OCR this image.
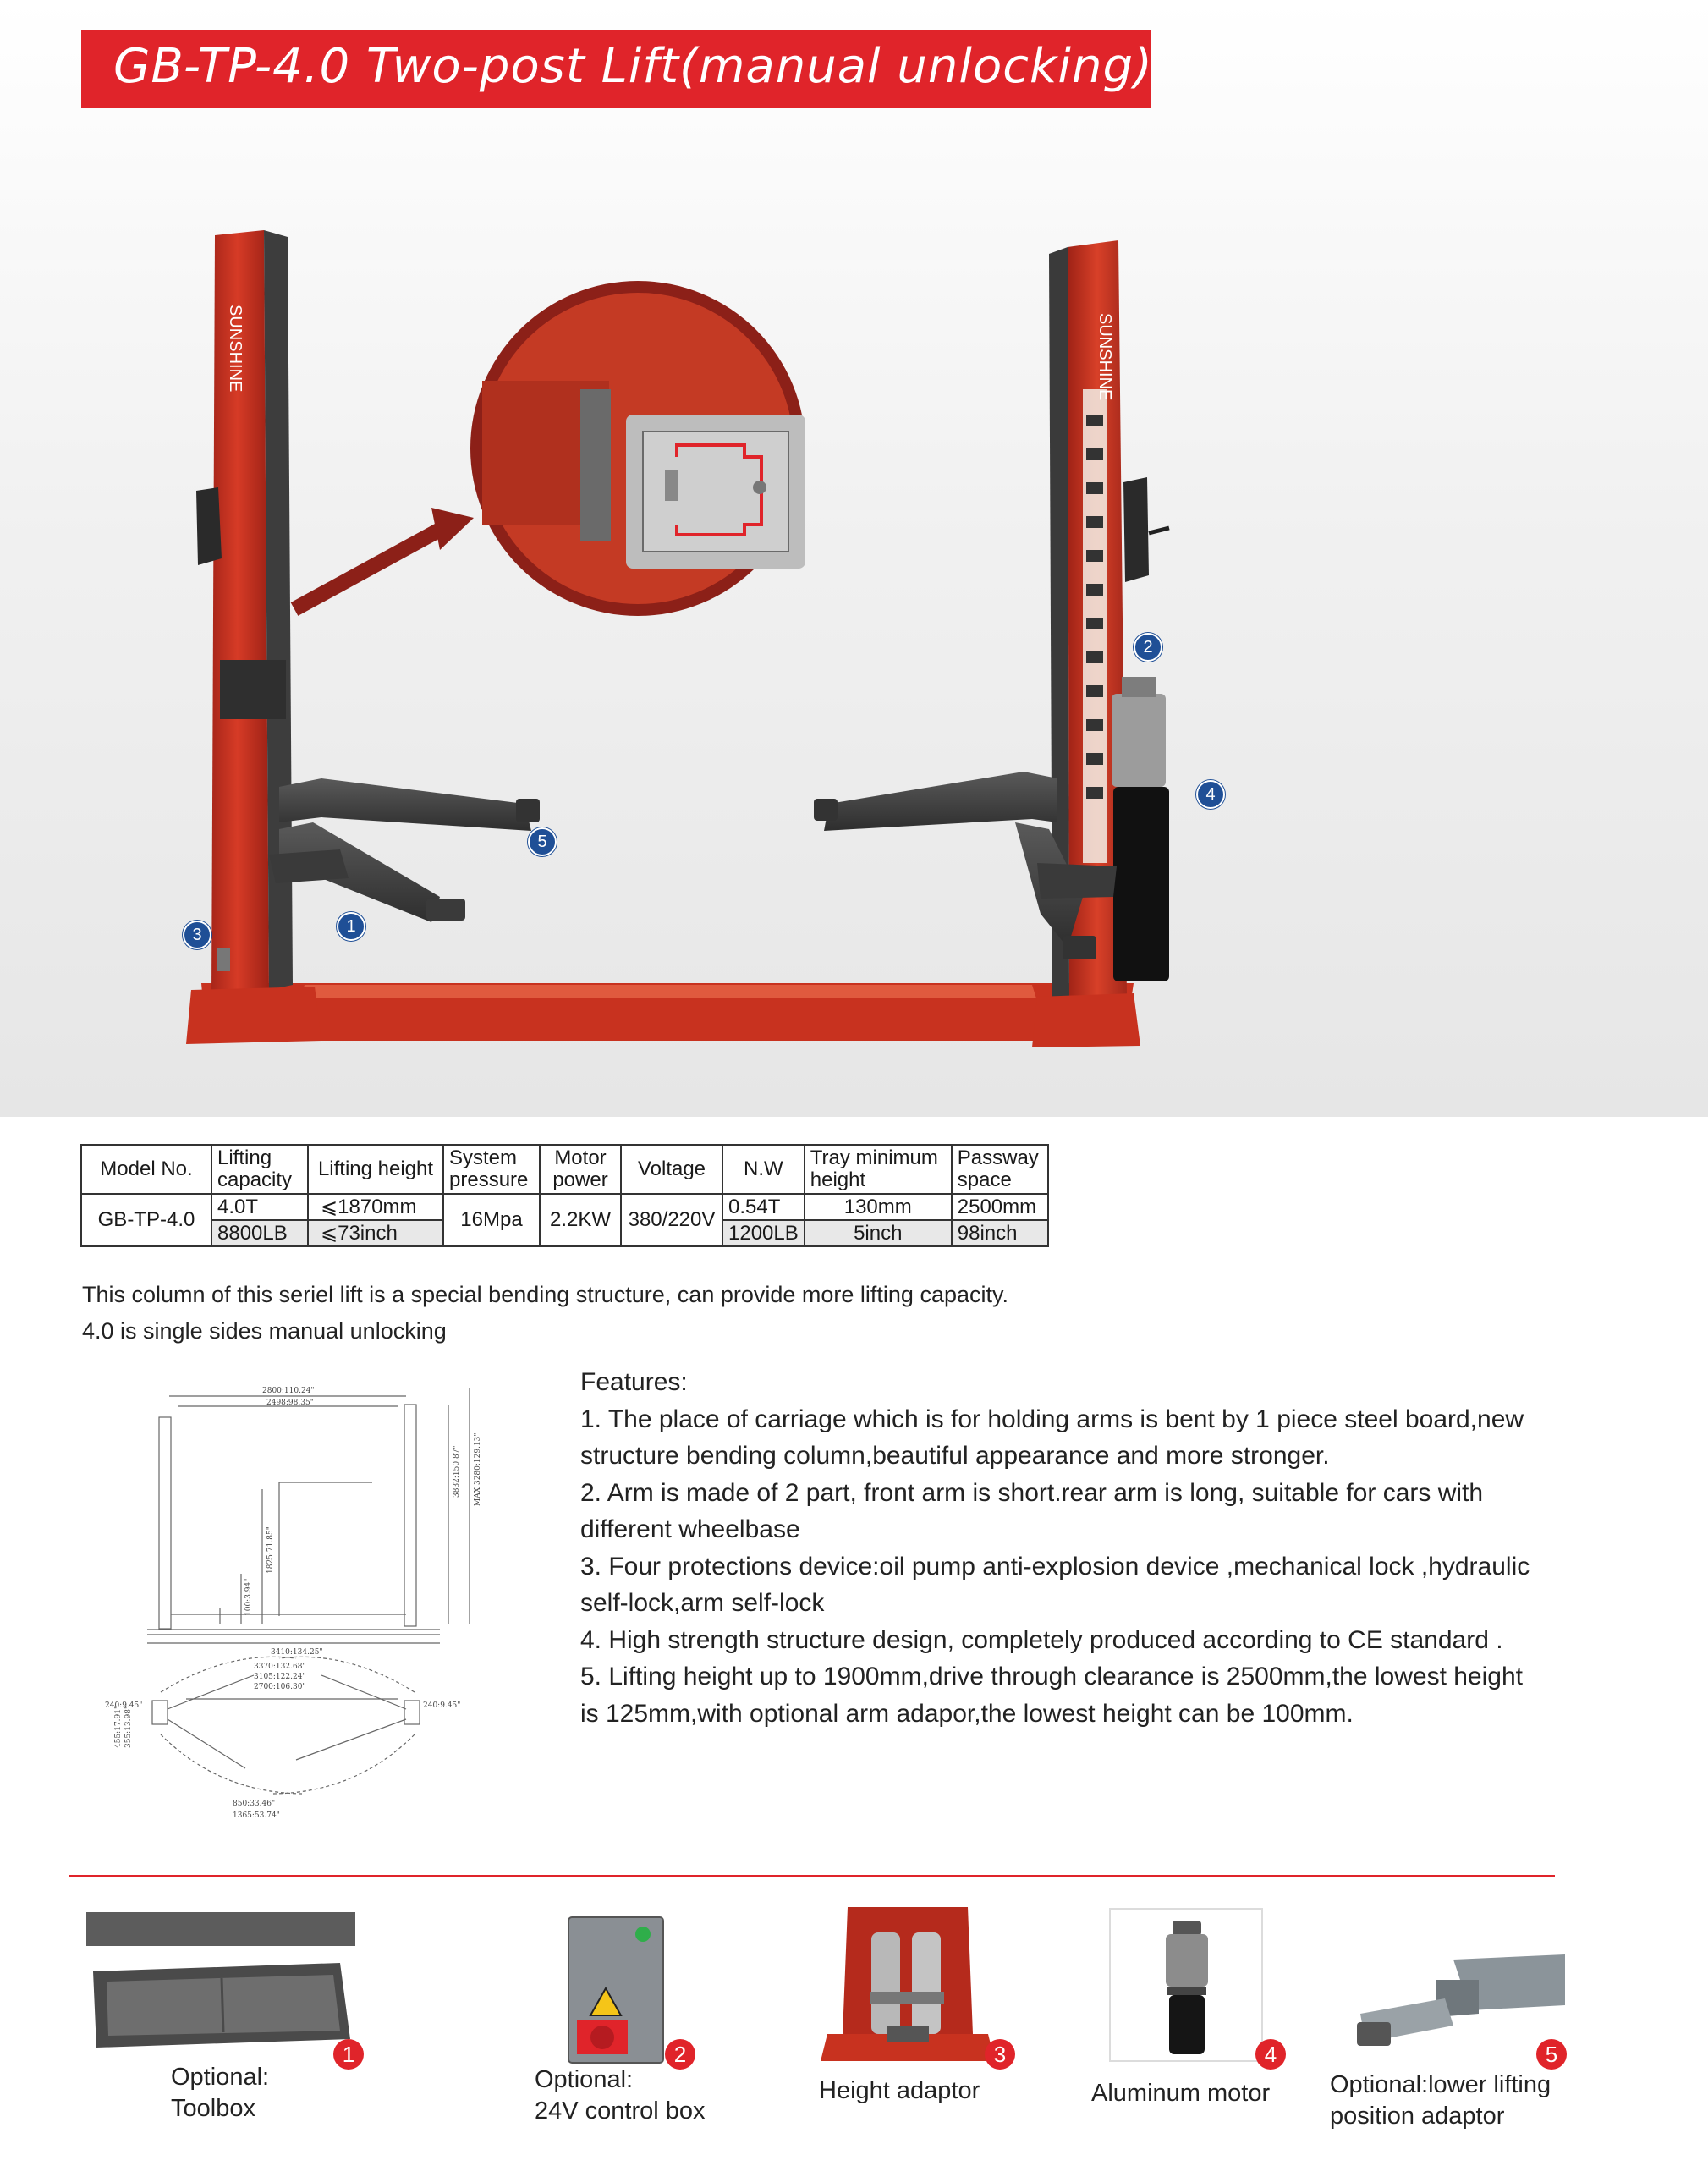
GB-TP-4.0 Two-post Lift(manual unlocking)
SUNSHINE	SUNSHINE
1
2
3
4
5
Model No.	Lifting capacity	Lifting height	System pressure	Motor power	Voltage	N.W	Tray minimum height	Passway space
GB-TP-4.0	4.0T	⩽1870mm	16Mpa	2.2KW	380/220V	0.54T	130mm	2500mm
	8800LB	⩽73inch				1200LB	5inch	98inch
This column of this seriel lift is a special bending structure, can provide more lifting capacity.
4.0 is single sides manual unlocking
2800:110.24"
2498:98.35"
3410:134.25"
3832:150.87" MAX 3280:129.13"
1825:71.85"
100:3.94"
3370:132.68"
3105:122.24"
2700:106.30"
240:9.45"	240:9.45"
850:33.46"
1365:53.74"
455:17.91" 355:13.98"
Features:
1. The place of carriage which is for holding arms is bent by 1 piece steel board,new
structure bending column,beautiful appearance and more stronger.
2. Arm is made of 2 part, front arm is short.rear arm is long, suitable for cars with
different wheelbase
3. Four protections device:oil pump anti-explosion device ,mechanical lock ,hydraulic
self-lock,arm self-lock
4. High strength structure design, completely produced according to CE standard .
5. Lifting height up to 1900mm,drive through clearance is 2500mm,the lowest height
is 125mm,with optional arm adapor,the lowest height can be 100mm.
1
Optional:
Toolbox
2
Optional:
24V control box
3
Height adaptor
4
Aluminum motor
5
Optional:lower lifting
position adaptor
